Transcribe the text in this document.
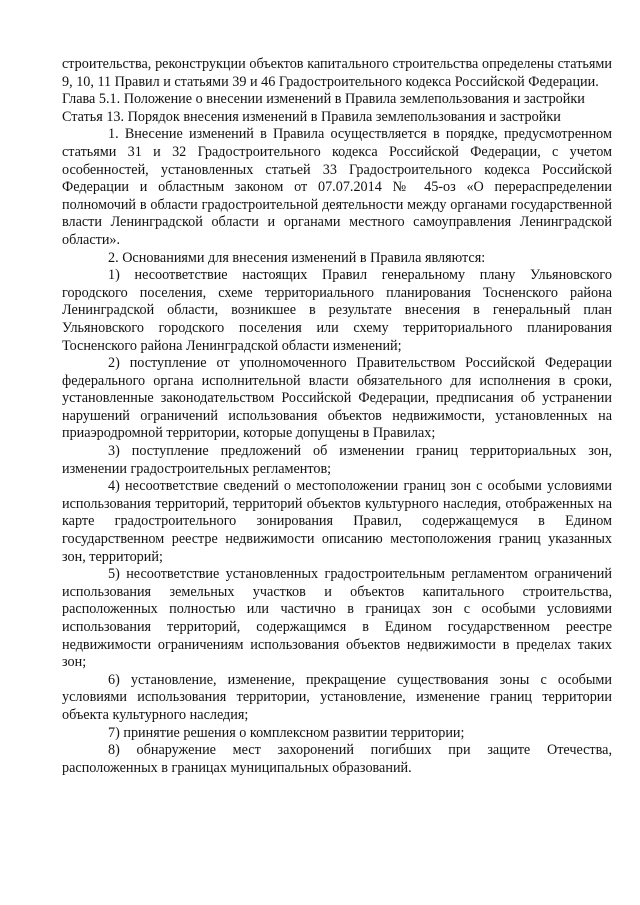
строительства, реконструкции объектов капитального строительства определены статьями 9, 10, 11 Правил и статьями 39 и 46 Градостроительного кодекса Российской Федерации.

Глава 5.1. Положение о внесении изменений в Правила землепользования и застройки

Статья 13. Порядок внесения изменений в Правила землепользования и застройки

1. Внесение изменений в Правила осуществляется в порядке, предусмотренном статьями 31 и 32 Градостроительного кодекса Российской Федерации, с учетом особенностей, установленных статьей 33 Градостроительного кодекса Российской Федерации и областным законом от 07.07.2014 № 45-оз «О перераспределении полномочий в области градостроительной деятельности между органами государственной власти Ленинградской области и органами местного самоуправления Ленинградской области».

2. Основаниями для внесения изменений в Правила являются:

1) несоответствие настоящих Правил генеральному плану Ульяновского городского поселения, схеме территориального планирования Тосненского района Ленинградской области, возникшее в результате внесения в генеральный план Ульяновского городского поселения или схему территориального планирования Тосненского района Ленинградской области изменений;

2) поступление от уполномоченного Правительством Российской Федерации федерального органа исполнительной власти обязательного для исполнения в сроки, установленные законодательством Российской Федерации, предписания об устранении нарушений ограничений использования объектов недвижимости, установленных на приаэродромной территории, которые допущены в Правилах;

3) поступление предложений об изменении границ территориальных зон, изменении градостроительных регламентов;

4) несоответствие сведений о местоположении границ зон с особыми условиями использования территорий, территорий объектов культурного наследия, отображенных на карте градостроительного зонирования Правил, содержащемуся в Едином государственном реестре недвижимости описанию местоположения границ указанных зон, территорий;

5) несоответствие установленных градостроительным регламентом ограничений использования земельных участков и объектов капитального строительства, расположенных полностью или частично в границах зон с особыми условиями использования территорий, содержащимся в Едином государственном реестре недвижимости ограничениям использования объектов недвижимости в пределах таких зон;

6) установление, изменение, прекращение существования зоны с особыми условиями использования территории, установление, изменение границ территории объекта культурного наследия;

7) принятие решения о комплексном развитии территории;

8) обнаружение мест захоронений погибших при защите Отечества, расположенных в границах муниципальных образований.
